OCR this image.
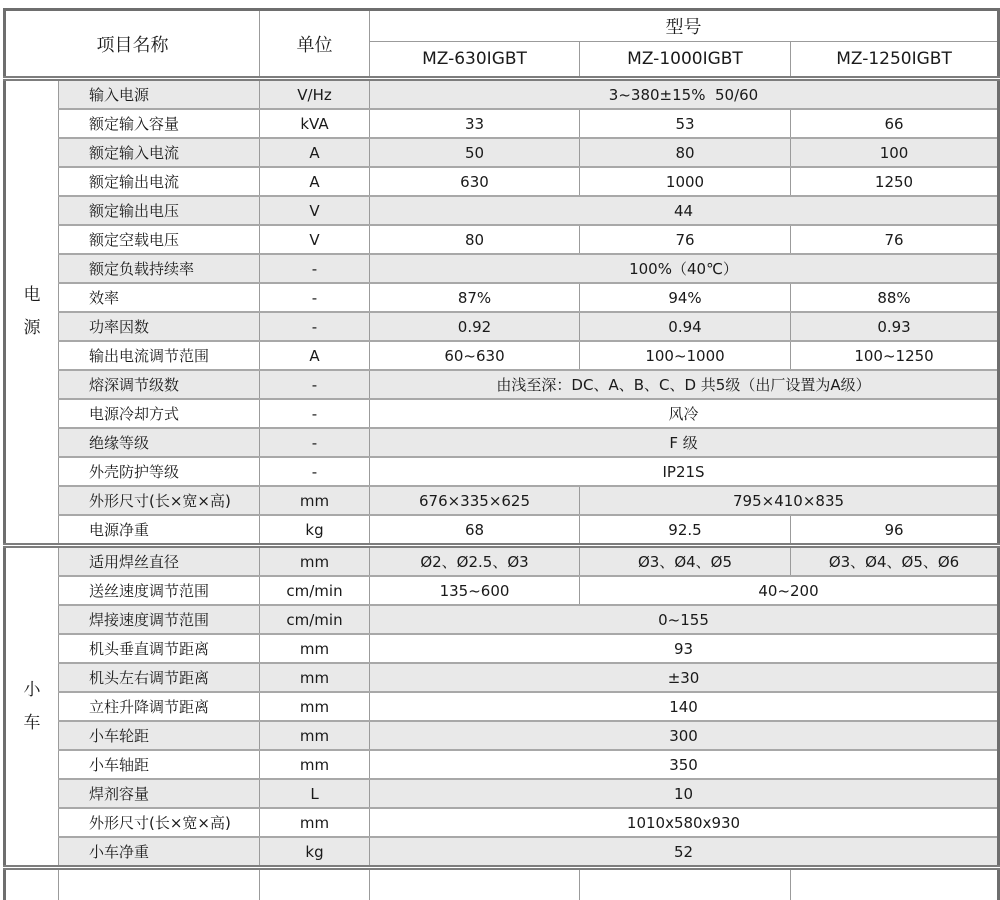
项目名称		单位	型号		
			MZ-630IGBT	MZ-1000IGBT	MZ-1250IGBT

电
源	输入电源	V/Hz	3~380±15%  50/60		
	额定输入容量	kVA	33	53	66
	额定输入电流	A	50	80	100
	额定输出电流	A	630	1000	1250
	额定输出电压	V	44		
	额定空载电压	V	80	76	76
	额定负载持续率	-	100%（40℃）		
	效率	-	87%	94%	88%
	功率因数	-	0.92	0.94	0.93
	输出电流调节范围	A	60~630	100~1000	100~1250
	熔深调节级数	-	由浅至深：DC、A、B、C、D 共5级（出厂设置为A级）		
	电源冷却方式	-	风冷		
	绝缘等级	-	F 级		
	外壳防护等级	-	IP21S		
	外形尺寸(长×宽×高)	mm	676×335×625	795×410×835	
	电源净重	kg	68	92.5	96

小
车	适用焊丝直径	mm	Ø2、Ø2.5、Ø3	Ø3、Ø4、Ø5	Ø3、Ø4、Ø5、Ø6
	送丝速度调节范围	cm/min	135~600	40~200	
	焊接速度调节范围	cm/min	0~155		
	机头垂直调节距离	mm	93		
	机头左右调节距离	mm	±30		
	立柱升降调节距离	mm	140		
	小车轮距	mm	300		
	小车轴距	mm	350		
	焊剂容量	L	10		
	外形尺寸(长×宽×高)	mm	1010x580x930		
	小车净重	kg	52		
